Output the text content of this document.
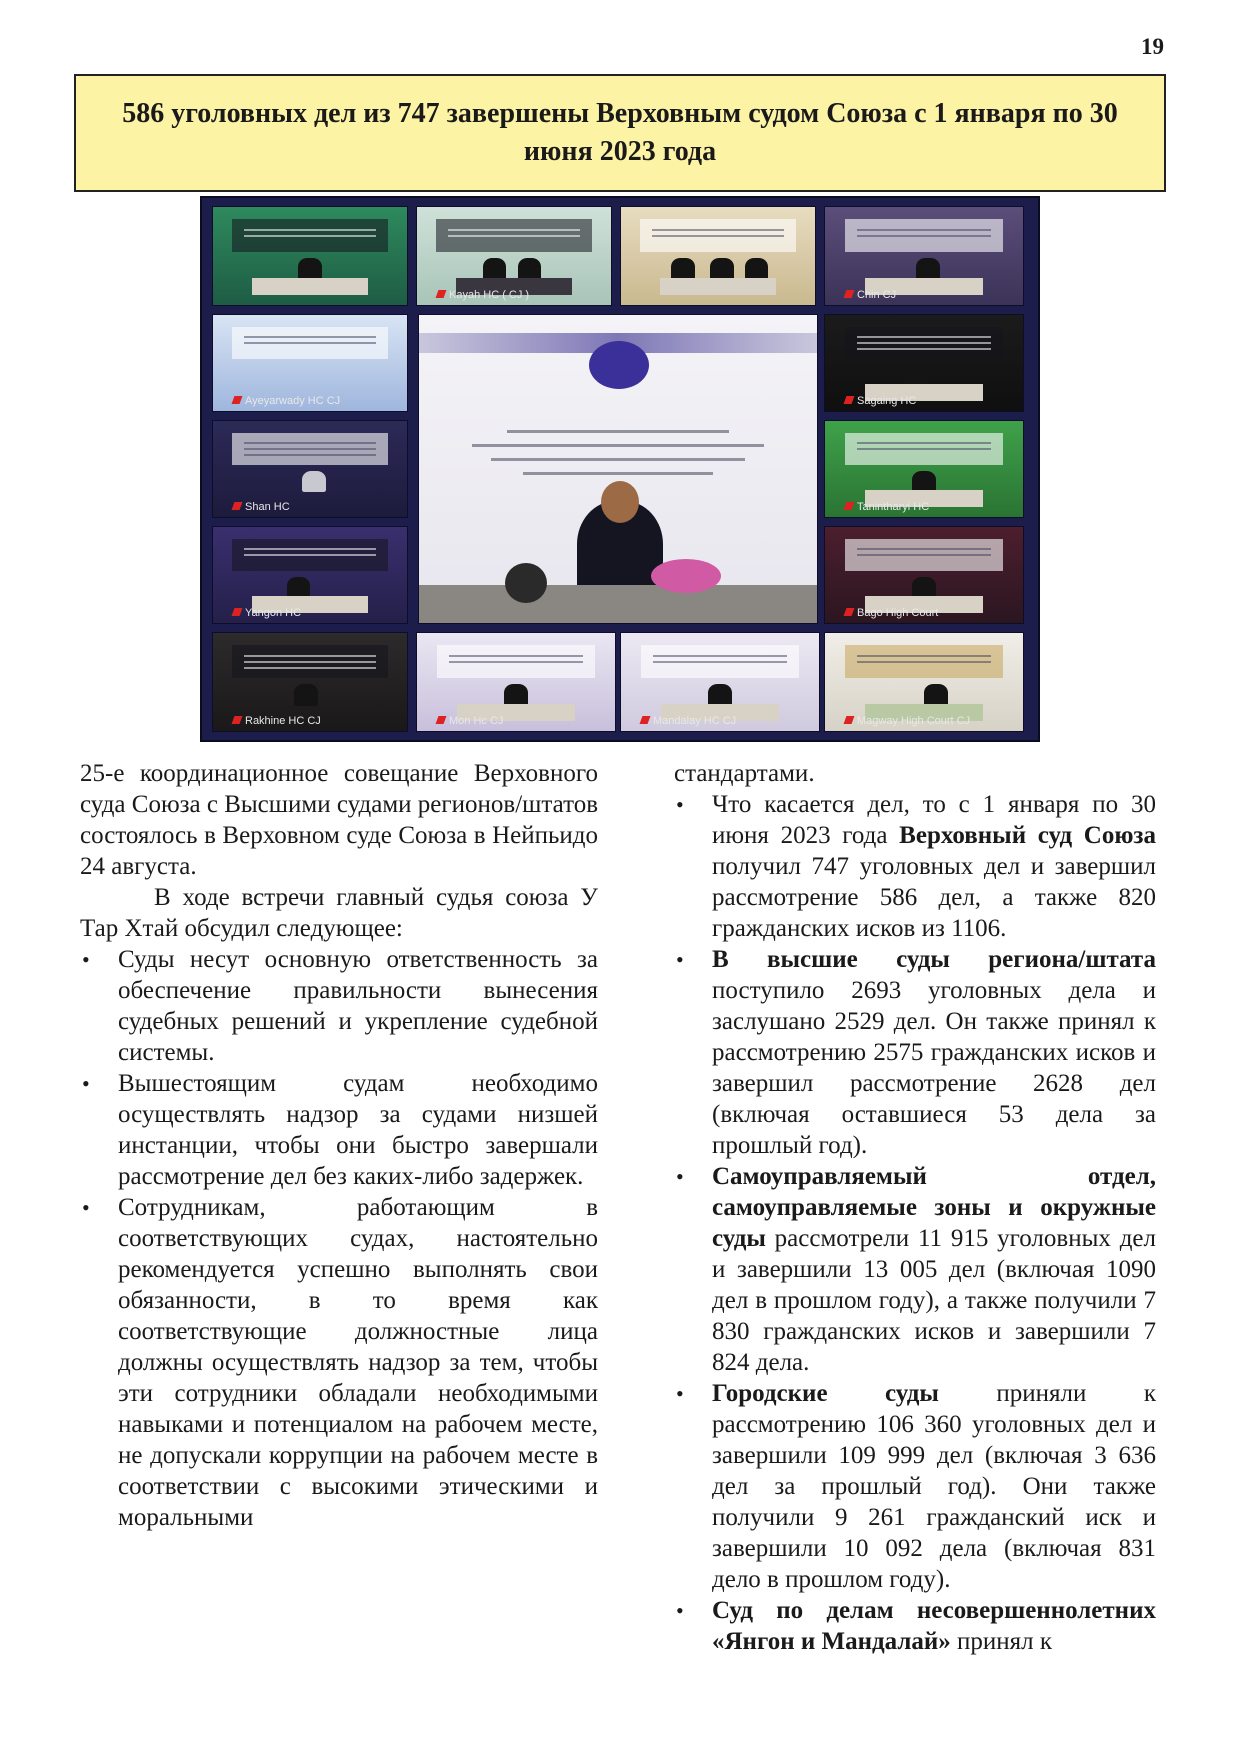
19
586 уголовных дел из 747 завершены Верховным судом Союза с 1 января по 30 июня 2023 года
Kayah HC ( CJ )	Chin CJ
Ayeyarwady HC CJ
Shan HC
Yangon HC
Rakhine HC CJ
Sagaing HC
Tanintharyi HC
Bago High Court
Magway High Court CJ
Mon Hc CJ	Mandalay HC CJ

25-е координационное совещание Верховного суда Союза с Высшими судами регионов/штатов состоялось в Верховном суде Союза в Нейпьидо 24 августа.

В ходе встречи главный судья союза У Тар Хтай обсудил следующее:

• Суды несут основную ответственность за обеспечение правильности вынесения судебных решений и укрепление судебной системы.
• Вышестоящим судам необходимо осуществлять надзор за судами низшей инстанции, чтобы они быстро завершали рассмотрение дел без каких-либо задержек.
• Сотрудникам, работающим в соответствующих судах, настоятельно рекомендуется успешно выполнять свои обязанности, в то время как соответствующие должностные лица должны осуществлять надзор за тем, чтобы эти сотрудники обладали необходимыми навыками и потенциалом на рабочем месте, не допускали коррупции на рабочем месте в соответствии с высокими этическими и моральными

стандартами.

• Что касается дел, то с 1 января по 30 июня 2023 года Верховный суд Союза получил 747 уголовных дел и завершил рассмотрение 586 дел, а также 820 гражданских исков из 1106.
• В высшие суды региона/штата поступило 2693 уголовных дела и заслушано 2529 дел. Он также принял к рассмотрению 2575 гражданских исков и завершил рассмотрение 2628 дел (включая оставшиеся 53 дела за прошлый год).
• Самоуправляемый отдел, самоуправляемые зоны и окружные суды рассмотрели 11 915 уголовных дел и завершили 13 005 дел (включая 1090 дел в прошлом году), а также получили 7 830 гражданских исков и завершили 7 824 дела.
• Городские суды приняли к рассмотрению 106 360 уголовных дел и завершили 109 999 дел (включая 3 636 дел за прошлый год). Они также получили 9 261 гражданский иск и завершили 10 092 дела (включая 831 дело в прошлом году).
• Суд по делам несовершеннолетних «Янгон и Мандалай» принял к
